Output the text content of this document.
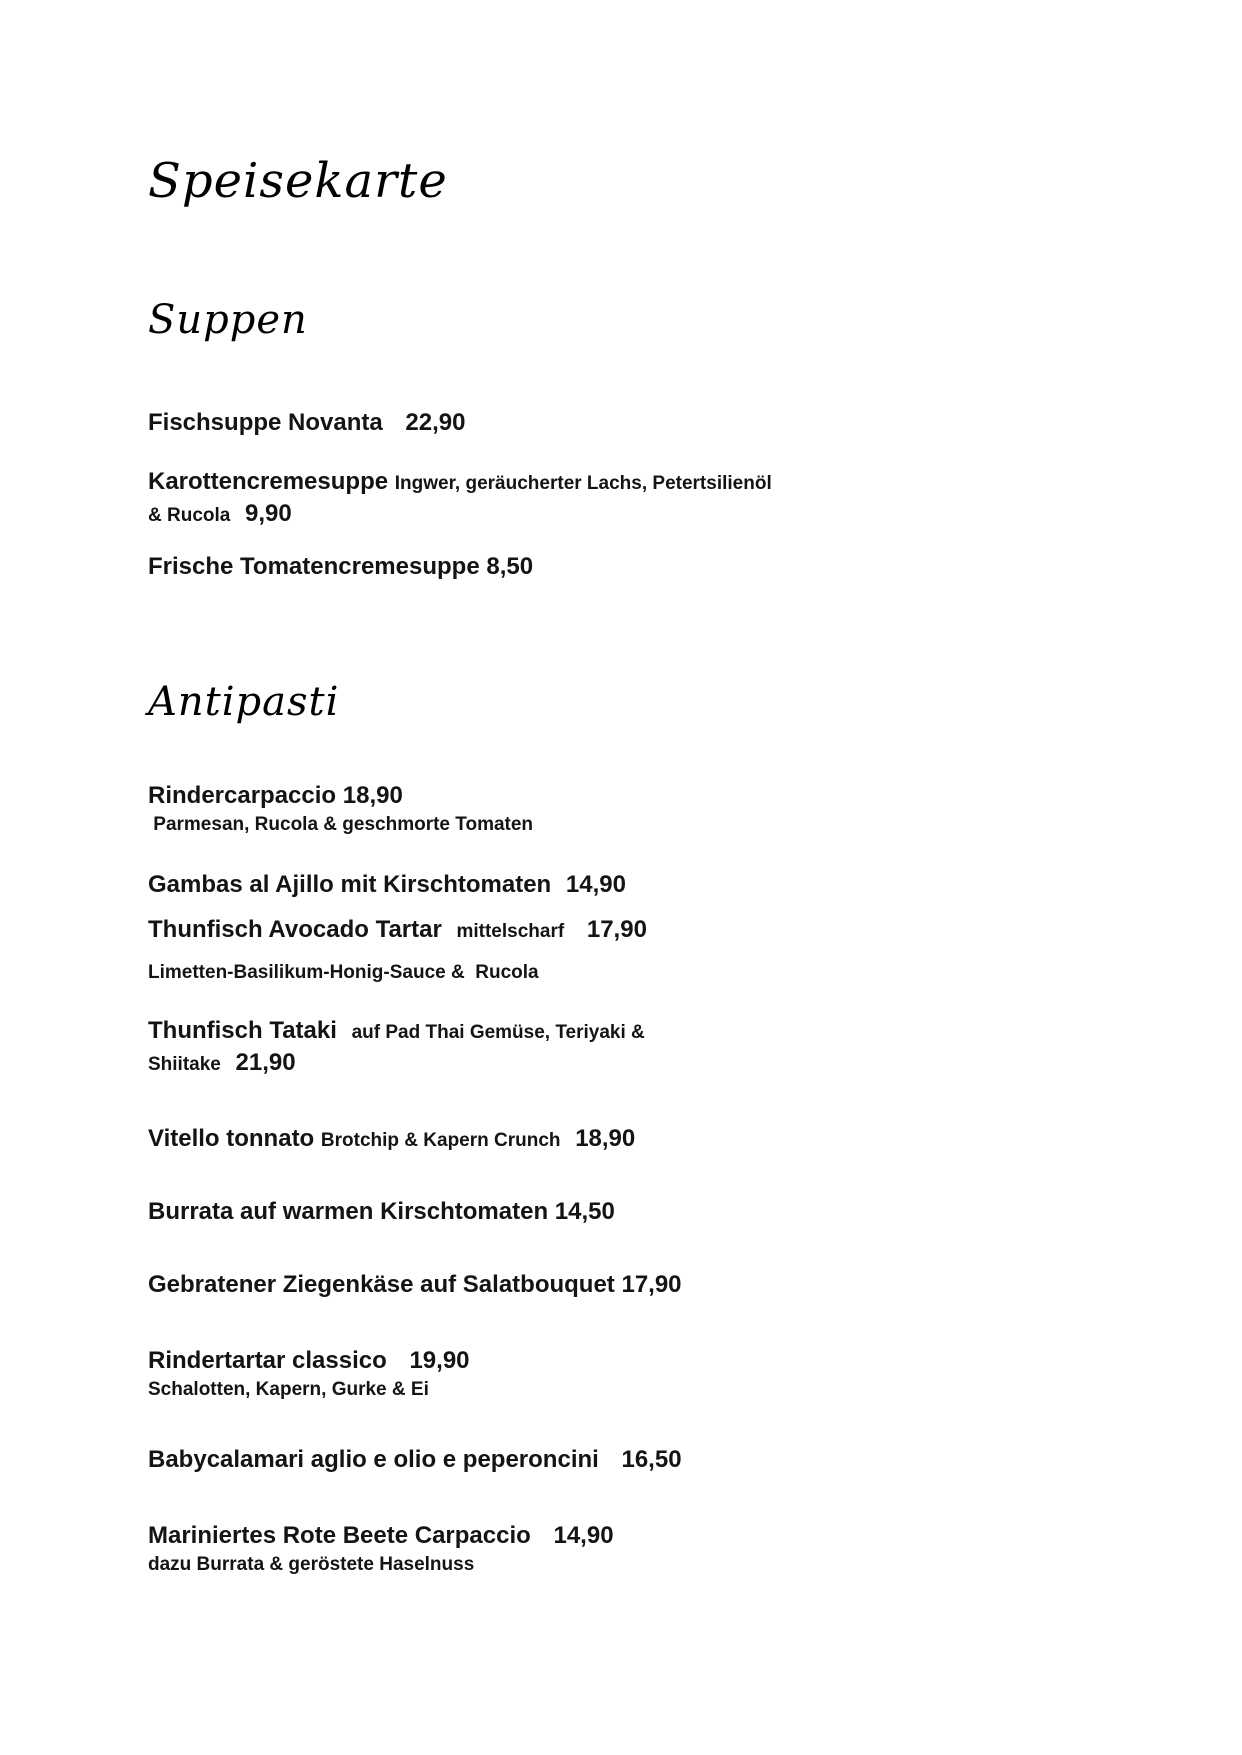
Speisekarte
Suppen
Fischsuppe Novanta 22,90
Karottencremesuppe Ingwer, geräucherter Lachs, Petertsilienöl
& Rucola 9,90
Frische Tomatencremesuppe 8,50
Antipasti
Rindercarpaccio 18,90
Parmesan, Rucola & geschmorte Tomaten
Gambas al Ajillo mit Kirschtomaten 14,90
Thunfisch Avocado Tartar mittelscharf 17,90
Limetten-Basilikum-Honig-Sauce &  Rucola
Thunfisch Tataki auf Pad Thai Gemüse, Teriyaki &
Shiitake 21,90
Vitello tonnato Brotchip & Kapern Crunch 18,90
Burrata auf warmen Kirschtomaten 14,50
Gebratener Ziegenkäse auf Salatbouquet 17,90
Rindertartar classico 19,90
Schalotten, Kapern, Gurke & Ei
Babycalamari aglio e olio e peperoncini 16,50
Mariniertes Rote Beete Carpaccio 14,90
dazu Burrata & geröstete Haselnuss
